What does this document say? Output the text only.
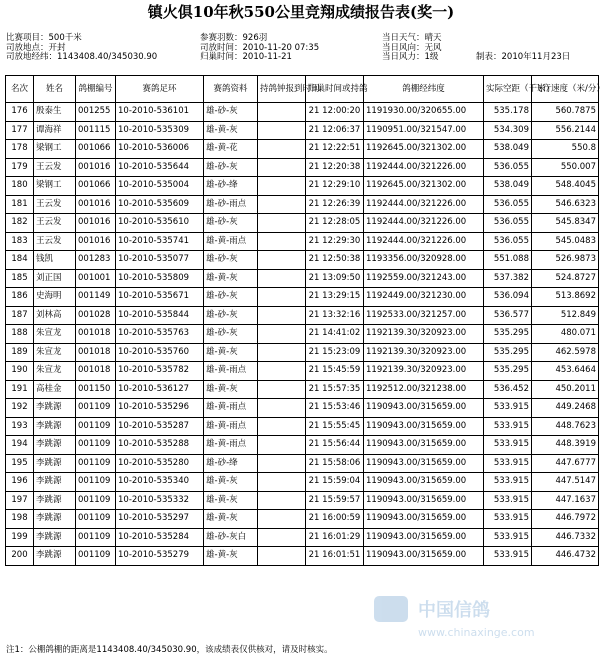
镇火俱10年秋550公里竞翔成绩报告表(奖一)
比赛项目：500千米
司放地点：开封
司放地经纬：1143408.40/345030.90
参赛羽数：926羽
司放时间：2010-11-20 07:35
归巢时间：2010-11-21
当日天气：晴天
当日风向：无风
当日风力：1级	制表：2010年11月23日
名次	姓名	鸽棚编号	赛鸽足环	赛鸽资料	持鸽钟报到时间	归巢时间或持鸽	鸽棚经纬度	实际空距（千米）	飞行速度（米/分）
176	殷泰生	001255	10-2010-536101	雄-砂-灰		21 12:00:20	1191930.00/320655.00	535.178	560.7875
177	谭海祥	001115	10-2010-535309	雄-黄-灰		21 12:06:37	1190951.00/321547.00	534.309	556.2144
178	梁钢工	001066	10-2010-536006	雄-黄-花		21 12:22:51	1192645.00/321302.00	538.049	550.8
179	王云发	001016	10-2010-535644	雄-砂-灰		21 12:20:38	1192444.00/321226.00	536.055	550.007
180	梁钢工	001066	10-2010-535004	雄-砂-绛		21 12:29:10	1192645.00/321302.00	538.049	548.4045
181	王云发	001016	10-2010-535609	雄-砂-雨点		21 12:26:39	1192444.00/321226.00	536.055	546.6323
182	王云发	001016	10-2010-535610	雄-砂-灰		21 12:28:05	1192444.00/321226.00	536.055	545.8347
183	王云发	001016	10-2010-535741	雄-黄-雨点		21 12:29:30	1192444.00/321226.00	536.055	545.0483
184	钱凯	001283	10-2010-535077	雄-砂-灰		21 12:50:38	1193356.00/320928.00	551.088	526.9873
185	刘正国	001001	10-2010-535809	雄-黄-灰		21 13:09:50	1192559.00/321243.00	537.382	524.8727
186	史海明	001149	10-2010-535671	雄-砂-灰		21 13:29:15	1192449.00/321230.00	536.094	513.8692
187	刘林高	001028	10-2010-535844	雄-砂-灰		21 13:32:16	1192533.00/321257.00	536.577	512.849
188	朱宣龙	001018	10-2010-535763	雄-砂-灰		21 14:41:02	1192139.30/320923.00	535.295	480.071
189	朱宣龙	001018	10-2010-535760	雄-黄-灰		21 15:23:09	1192139.30/320923.00	535.295	462.5978
190	朱宣龙	001018	10-2010-535782	雄-黄-雨点		21 15:45:59	1192139.30/320923.00	535.295	453.6464
191	高桂金	001150	10-2010-536127	雄-黄-灰		21 15:57:35	1192512.00/321238.00	536.452	450.2011
192	李跳源	001109	10-2010-535296	雄-黄-雨点		21 15:53:46	1190943.00/315659.00	533.915	449.2468
193	李跳源	001109	10-2010-535287	雄-黄-雨点		21 15:55:45	1190943.00/315659.00	533.915	448.7623
194	李跳源	001109	10-2010-535288	雄-黄-雨点		21 15:56:44	1190943.00/315659.00	533.915	448.3919
195	李跳源	001109	10-2010-535280	雄-砂-绛		21 15:58:06	1190943.00/315659.00	533.915	447.6777
196	李跳源	001109	10-2010-535340	雄-黄-灰		21 15:59:04	1190943.00/315659.00	533.915	447.5147
197	李跳源	001109	10-2010-535332	雄-黄-灰		21 15:59:57	1190943.00/315659.00	533.915	447.1637
198	李跳源	001109	10-2010-535297	雄-黄-灰		21 16:00:59	1190943.00/315659.00	533.915	446.7972
199	李跳源	001109	10-2010-535284	雄-砂-灰白		21 16:01:29	1190943.00/315659.00	533.915	446.7332
200	李跳源	001109	10-2010-535279	雄-黄-灰		21 16:01:51	1190943.00/315659.00	533.915	446.4732
中国信鸽
www.chinaxinge.com
注1：公棚鸽棚的距离是1143408.40/345030.90，该成绩表仅供核对，请及时核实。
